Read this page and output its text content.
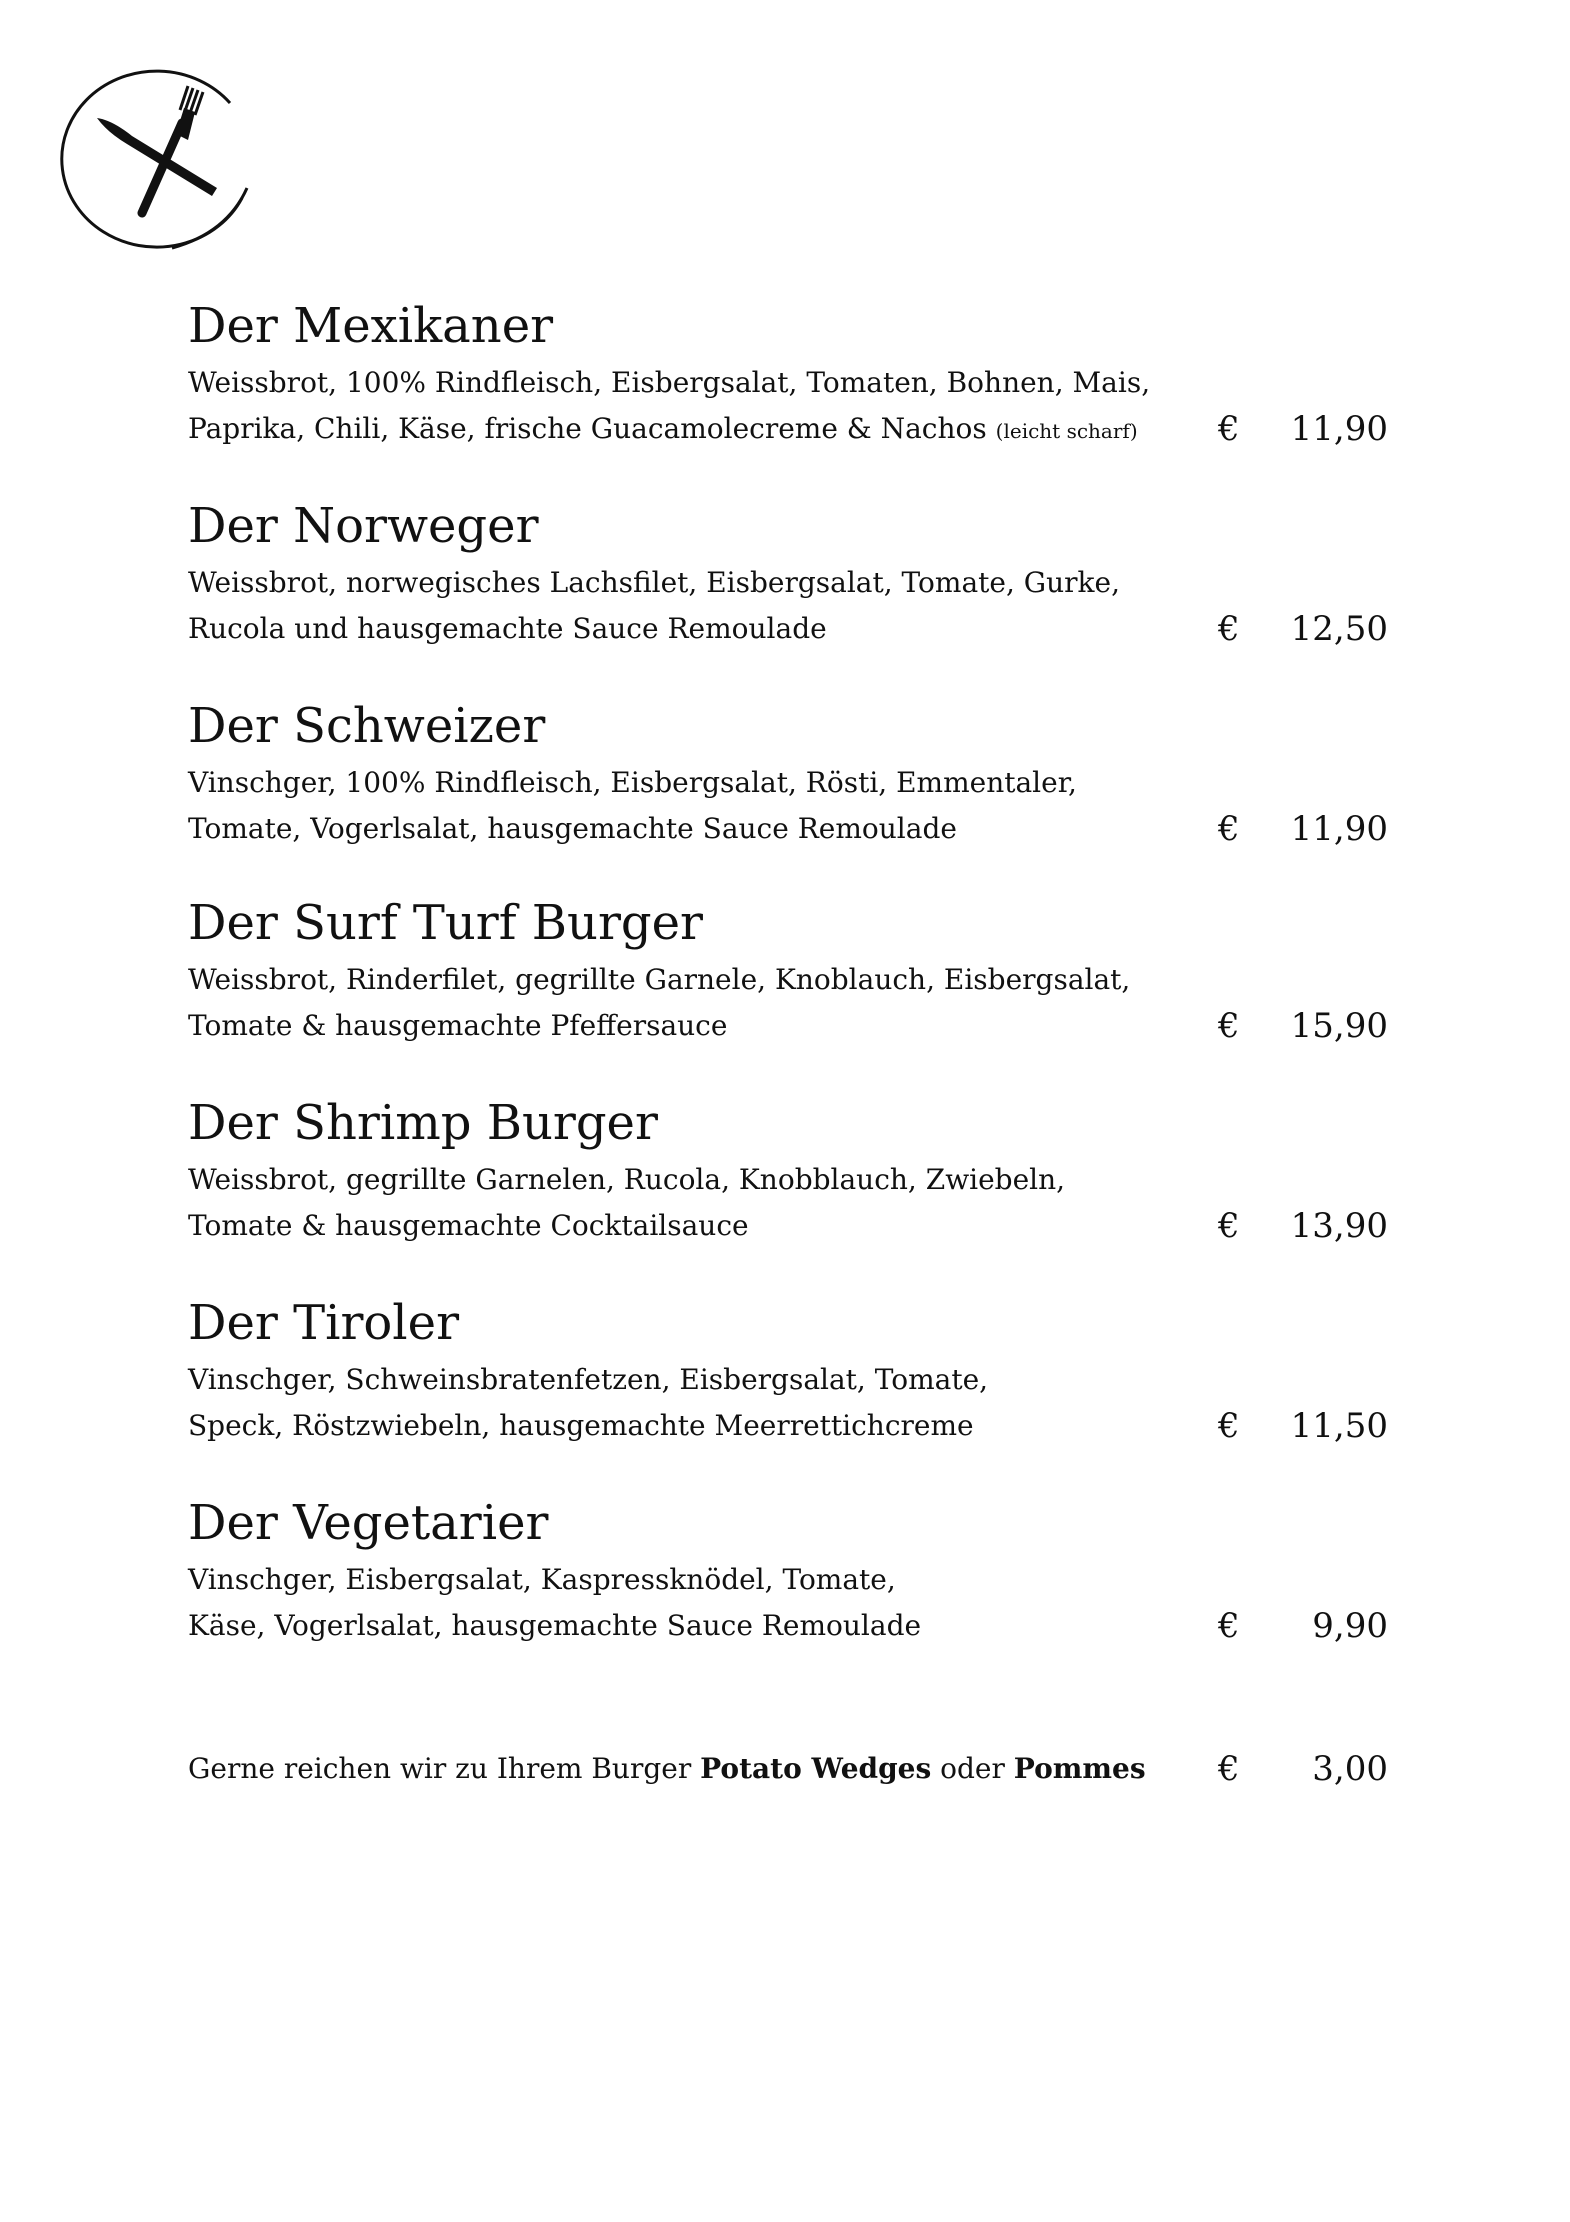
Der Mexikaner
Weissbrot, 100% Rindfleisch, Eisbergsalat, Tomaten, Bohnen, Mais,
Paprika, Chili, Käse, frische Guacamolecreme & Nachos (leicht scharf) € 11,90
Der Norweger
Weissbrot, norwegisches Lachsfilet, Eisbergsalat, Tomate, Gurke,
Rucola und hausgemachte Sauce Remoulade	€ 12,50
Der Schweizer
Vinschger, 100% Rindfleisch, Eisbergsalat, Rösti, Emmentaler,
Tomate, Vogerlsalat, hausgemachte Sauce Remoulade	€ 11,90
Der Surf Turf Burger
Weissbrot, Rinderfilet, gegrillte Garnele, Knoblauch, Eisbergsalat,
Tomate & hausgemachte Pfeffersauce	€ 15,90
Der Shrimp Burger
Weissbrot, gegrillte Garnelen, Rucola, Knobblauch, Zwiebeln,
Tomate & hausgemachte Cocktailsauce	€ 13,90
Der Tiroler
Vinschger, Schweinsbratenfetzen, Eisbergsalat, Tomate,
Speck, Röstzwiebeln, hausgemachte Meerrettichcreme	€ 11,50
Der Vegetarier
Vinschger, Eisbergsalat, Kaspressknödel, Tomate,
Käse, Vogerlsalat, hausgemachte Sauce Remoulade	€ 9,90
Gerne reichen wir zu Ihrem Burger Potato Wedges oder Pommes € 3,00
